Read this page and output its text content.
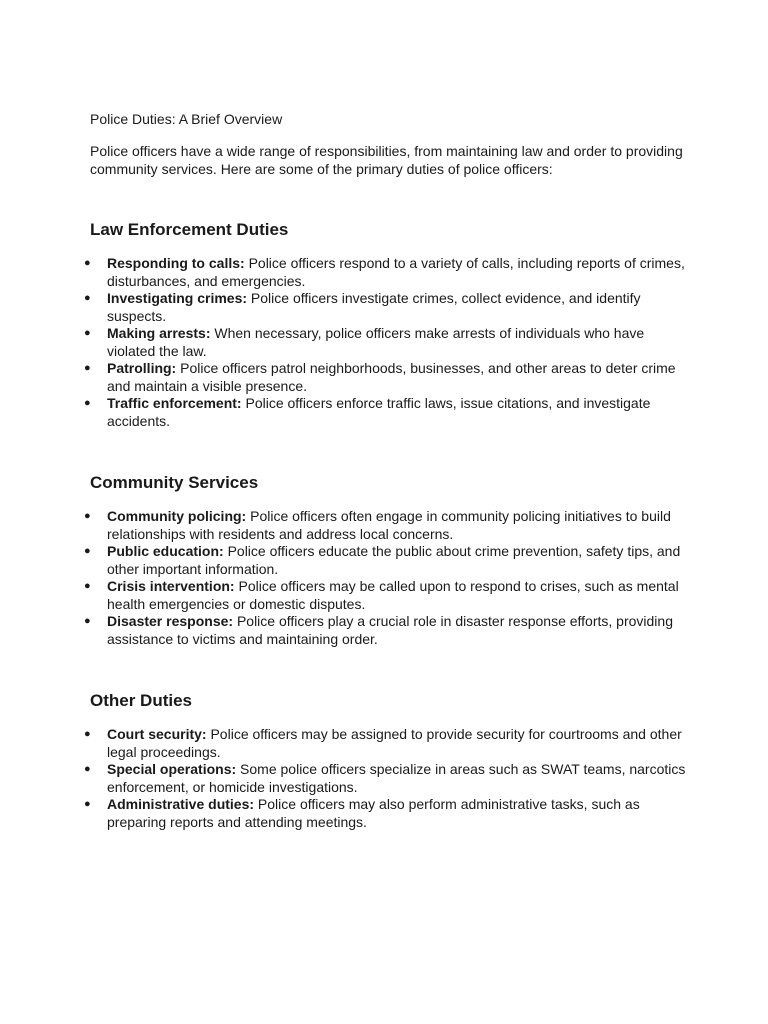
Police Duties: A Brief Overview

Police officers have a wide range of responsibilities, from maintaining law and order to providing community services. Here are some of the primary duties of police officers:

Law Enforcement Duties
● Responding to calls: Police officers respond to a variety of calls, including reports of crimes, disturbances, and emergencies.
● Investigating crimes: Police officers investigate crimes, collect evidence, and identify suspects.
● Making arrests: When necessary, police officers make arrests of individuals who have violated the law.
● Patrolling: Police officers patrol neighborhoods, businesses, and other areas to deter crime and maintain a visible presence.
● Traffic enforcement: Police officers enforce traffic laws, issue citations, and investigate accidents.
Community Services
● Community policing: Police officers often engage in community policing initiatives to build relationships with residents and address local concerns.
● Public education: Police officers educate the public about crime prevention, safety tips, and other important information.
● Crisis intervention: Police officers may be called upon to respond to crises, such as mental health emergencies or domestic disputes.
● Disaster response: Police officers play a crucial role in disaster response efforts, providing assistance to victims and maintaining order.
Other Duties
● Court security: Police officers may be assigned to provide security for courtrooms and other legal proceedings.
● Special operations: Some police officers specialize in areas such as SWAT teams, narcotics enforcement, or homicide investigations.
● Administrative duties: Police officers may also perform administrative tasks, such as preparing reports and attending meetings.
